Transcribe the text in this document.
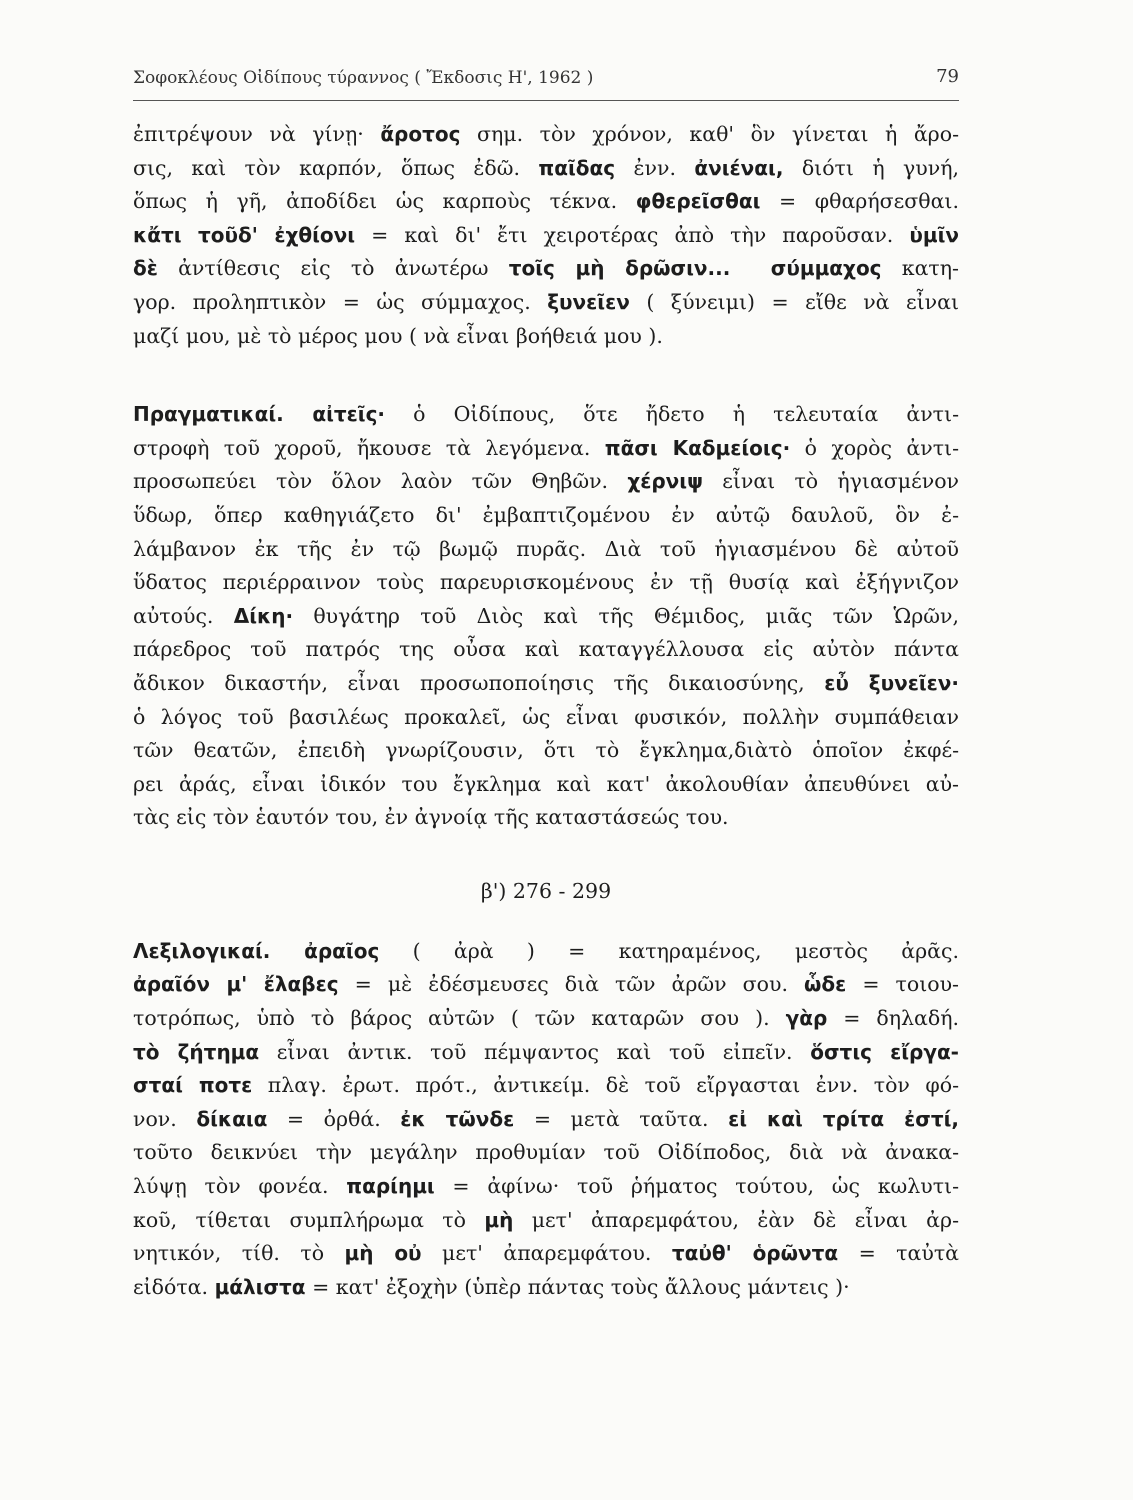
Σοφοκλέους Οἰδίπους τύραννος ( Ἔκδοσις Η', 1962 )	79
ἐπιτρέψουν νὰ γίνῃ· ἄροτος σημ. τὸν χρόνον, καθ' ὃν γίνεται ἡ ἄρο-
σις, καὶ τὸν καρπόν, ὅπως ἐδῶ. παῖδας ἐνν. ἀνιέναι, διότι ἡ γυνή,
ὅπως ἡ γῆ, ἀποδίδει ὡς καρποὺς τέκνα. φθερεῖσθαι = φθαρήσεσθαι.
κἄτι τοῦδ' ἐχθίονι = καὶ δι' ἔτι χειροτέρας ἀπὸ τὴν παροῦσαν. ὑμῖν
δὲ ἀντίθεσις εἰς τὸ ἀνωτέρω τοῖς μὴ δρῶσιν... σύμμαχος κατη-
γορ. προληπτικὸν = ὡς σύμμαχος. ξυνεῖεν ( ξύνειμι) = εἴθε νὰ εἶναι
μαζί μου, μὲ τὸ μέρος μου ( νὰ εἶναι βοήθειά μου ).
Πραγματικαί. αἰτεῖς· ὁ Οἰδίπους, ὅτε ἤδετο ἡ τελευταία ἀντι-
στροφὴ τοῦ χοροῦ, ἤκουσε τὰ λεγόμενα. πᾶσι Καδμείοις· ὁ χορὸς ἀντι-
προσωπεύει τὸν ὅλον λαὸν τῶν Θηβῶν. χέρνιψ εἶναι τὸ ἡγιασμένον
ὕδωρ, ὅπερ καθηγιάζετο δι' ἐμβαπτιζομένου ἐν αὐτῷ δαυλοῦ, ὃν ἐ-
λάμβανον ἐκ τῆς ἐν τῷ βωμῷ πυρᾶς. Διὰ τοῦ ἡγιασμένου δὲ αὐτοῦ
ὕδατος περιέρραινον τοὺς παρευρισκομένους ἐν τῇ θυσίᾳ καὶ ἐξήγνιζον
αὐτούς. Δίκη· θυγάτηρ τοῦ Διὸς καὶ τῆς Θέμιδος, μιᾶς τῶν Ὡρῶν,
πάρεδρος τοῦ πατρός της οὖσα καὶ καταγγέλλουσα εἰς αὐτὸν πάντα
ἄδικον δικαστήν, εἶναι προσωποποίησις τῆς δικαιοσύνης, εὖ ξυνεῖεν·
ὁ λόγος τοῦ βασιλέως προκαλεῖ, ὡς εἶναι φυσικόν, πολλὴν συμπάθειαν
τῶν θεατῶν, ἐπειδὴ γνωρίζουσιν, ὅτι τὸ ἔγκλημα,διὰτὸ ὁποῖον ἐκφέ-
ρει ἀράς, εἶναι ἰδικόν του ἔγκλημα καὶ κατ' ἀκολουθίαν ἀπευθύνει αὐ-
τὰς εἰς τὸν ἑαυτόν του, ἐν ἀγνοίᾳ τῆς καταστάσεώς του.
β') 276 - 299
Λεξιλογικαί. ἀραῖος ( ἀρὰ ) = κατηραμένος, μεστὸς ἀρᾶς.
ἀραῖόν μ' ἔλαβες = μὲ ἐδέσμευσες διὰ τῶν ἀρῶν σου. ὧδε = τοιου-
τοτρόπως, ὑπὸ τὸ βάρος αὐτῶν ( τῶν καταρῶν σου ). γὰρ = δηλαδή.
τὸ ζήτημα εἶναι ἀντικ. τοῦ πέμψαντος καὶ τοῦ εἰπεῖν. ὅστις εἴργα-
σταί ποτε πλαγ. ἐρωτ. πρότ., ἀντικείμ. δὲ τοῦ εἴργασται ἐνν. τὸν φό-
νον. δίκαια = ὀρθά. ἐκ τῶνδε = μετὰ ταῦτα. εἰ καὶ τρίτα ἐστί,
τοῦτο δεικνύει τὴν μεγάλην προθυμίαν τοῦ Οἰδίποδος, διὰ νὰ ἀνακα-
λύψῃ τὸν φονέα. παρίημι = ἀφίνω· τοῦ ῥήματος τούτου, ὡς κωλυτι-
κοῦ, τίθεται συμπλήρωμα τὸ μὴ μετ' ἀπαρεμφάτου, ἐὰν δὲ εἶναι ἀρ-
νητικόν, τίθ. τὸ μὴ οὐ μετ' ἀπαρεμφάτου. ταὐθ' ὁρῶντα = ταὐτὰ
εἰδότα. μάλιστα = κατ' ἐξοχὴν (ὑπὲρ πάντας τοὺς ἄλλους μάντεις )·
